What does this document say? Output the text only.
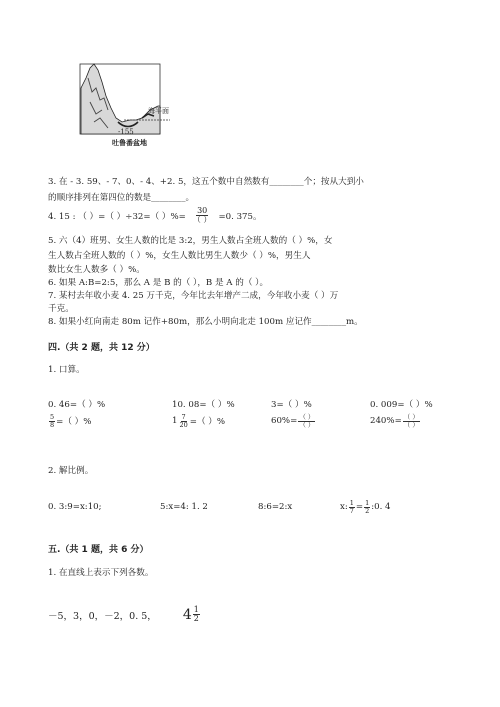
海平面
-155
吐鲁番盆地
3. 在 - 3. 59、- 7、0、- 4、+2. 5，这五个数中自然数有________个；按从大到小
的顺序排列在第四位的数是________。
4. 15 : （ ）=（ ）÷32=（ ）%= $\frac{30}{( )} =0$. 375。
5. 六（4）班男、女生人数的比是 3:2，男生人数占全班人数的（ ）%，女
生人数占全班人数的（ ）%，女生人数比男生人数少（ ）%，男生人
数比女生人数多（ ）%。
6. 如果 A:B=2:5，那么 A 是 B 的（ ），B 是 A 的（ ）。
7. 某村去年收小麦 4. 25 万千克，今年比去年增产二成，今年收小麦（ ）万
千克。
8. 如果小红向南走 80m 记作+80m，那么小明向北走 100m 应记作________m。
四.（共 2 题，共 12 分）
1. 口算。
0. 46=（ ）%	10. 08=（ ）%	3=（ ）%	0. 009=（ ）%
$\frac{5}{8}$ =（ ）%	$1 \frac{7}{20}$ =（ ）%	$60\%= \frac{( )}{( )}$	$240\%= \frac{( )}{( )}$
2. 解比例。
0. 3:9=x:10;	5:x=4: 1. 2	8:6=2:x	x: $\frac{1}{7} = \frac{1}{2}$ :0. 4
五.（共 1 题，共 6 分）
1. 在直线上表示下列各数。
－5，3，0，－2，0. 5， $4 \frac{1}{2}$
